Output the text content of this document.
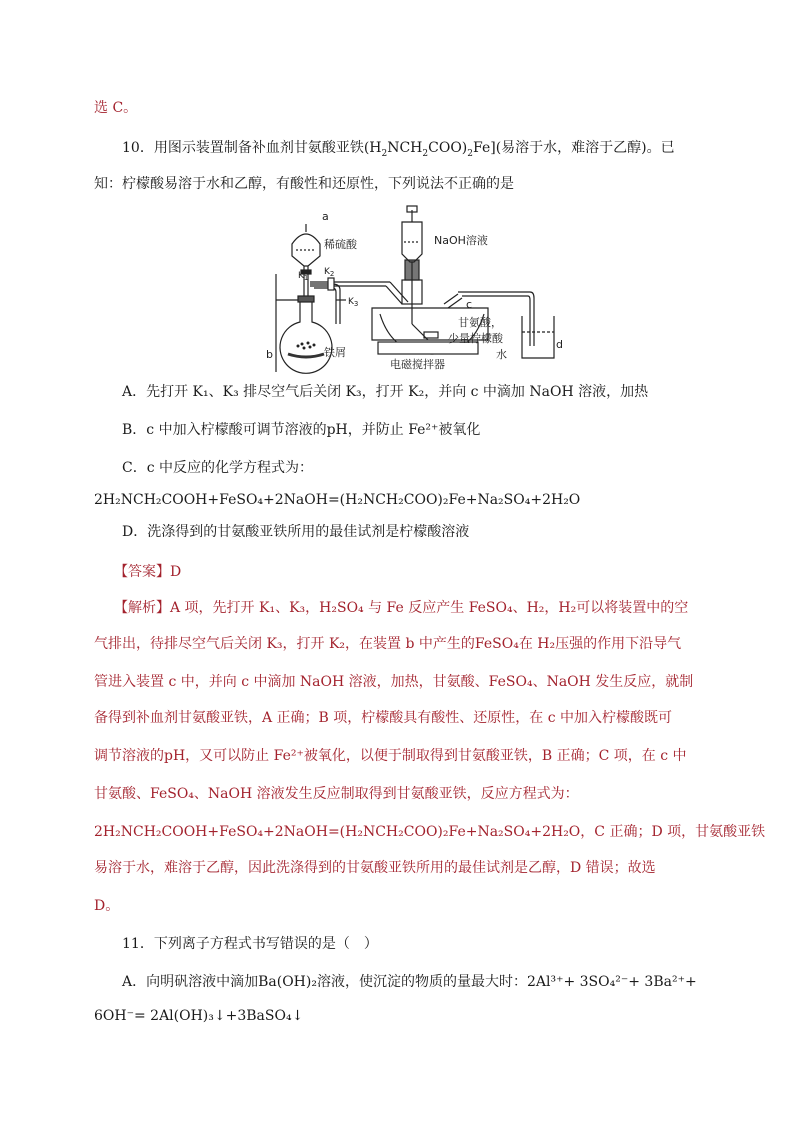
选 C。
10．用图示装置制备补血剂甘氨酸亚铁$(H_2NCH_2COO)_2Fe$](易溶于水，难溶于乙醇)。已
知：柠檬酸易溶于水和乙醇，有酸性和还原性，下列说法不正确的是
a
稀硫酸
$K_1$
$K_2$
$K_3$
b	铁屑
NaOH溶液
c
甘氨酸，
少量柠檬酸
电磁搅拌器
水
d
A．先打开 K₁、K₃ 排尽空气后关闭 K₃，打开 K₂，并向 c 中滴加 NaOH 溶液，加热
B．c 中加入柠檬酸可调节溶液的pH，并防止 Fe²⁺被氧化
C．c 中反应的化学方程式为：
2H₂NCH₂COOH+FeSO₄+2NaOH=(H₂NCH₂COO)₂Fe+Na₂SO₄+2H₂O
D．洗涤得到的甘氨酸亚铁所用的最佳试剂是柠檬酸溶液
【答案】D
【解析】A 项，先打开 K₁、K₃，H₂SO₄ 与 Fe 反应产生 FeSO₄、H₂，H₂可以将装置中的空
气排出，待排尽空气后关闭 K₃，打开 K₂，在装置 b 中产生的FeSO₄在 H₂压强的作用下沿导气
管进入装置 c 中，并向 c 中滴加 NaOH 溶液，加热，甘氨酸、FeSO₄、NaOH 发生反应，就制
备得到补血剂甘氨酸亚铁，A 正确；B 项，柠檬酸具有酸性、还原性，在 c 中加入柠檬酸既可
调节溶液的pH，又可以防止 Fe²⁺被氧化，以便于制取得到甘氨酸亚铁，B 正确；C 项，在 c 中
甘氨酸、FeSO₄、NaOH 溶液发生反应制取得到甘氨酸亚铁，反应方程式为：
2H₂NCH₂COOH+FeSO₄+2NaOH=(H₂NCH₂COO)₂Fe+Na₂SO₄+2H₂O，C 正确；D 项，甘氨酸亚铁
易溶于水，难溶于乙醇，因此洗涤得到的甘氨酸亚铁所用的最佳试剂是乙醇，D 错误；故选
D。
11．下列离子方程式书写错误的是（　）
A．向明矾溶液中滴加Ba(OH)₂溶液，使沉淀的物质的量最大时：2Al³⁺+ 3SO₄²⁻+ 3Ba²⁺+
6OH⁻= 2Al(OH)₃↓+3BaSO₄↓
